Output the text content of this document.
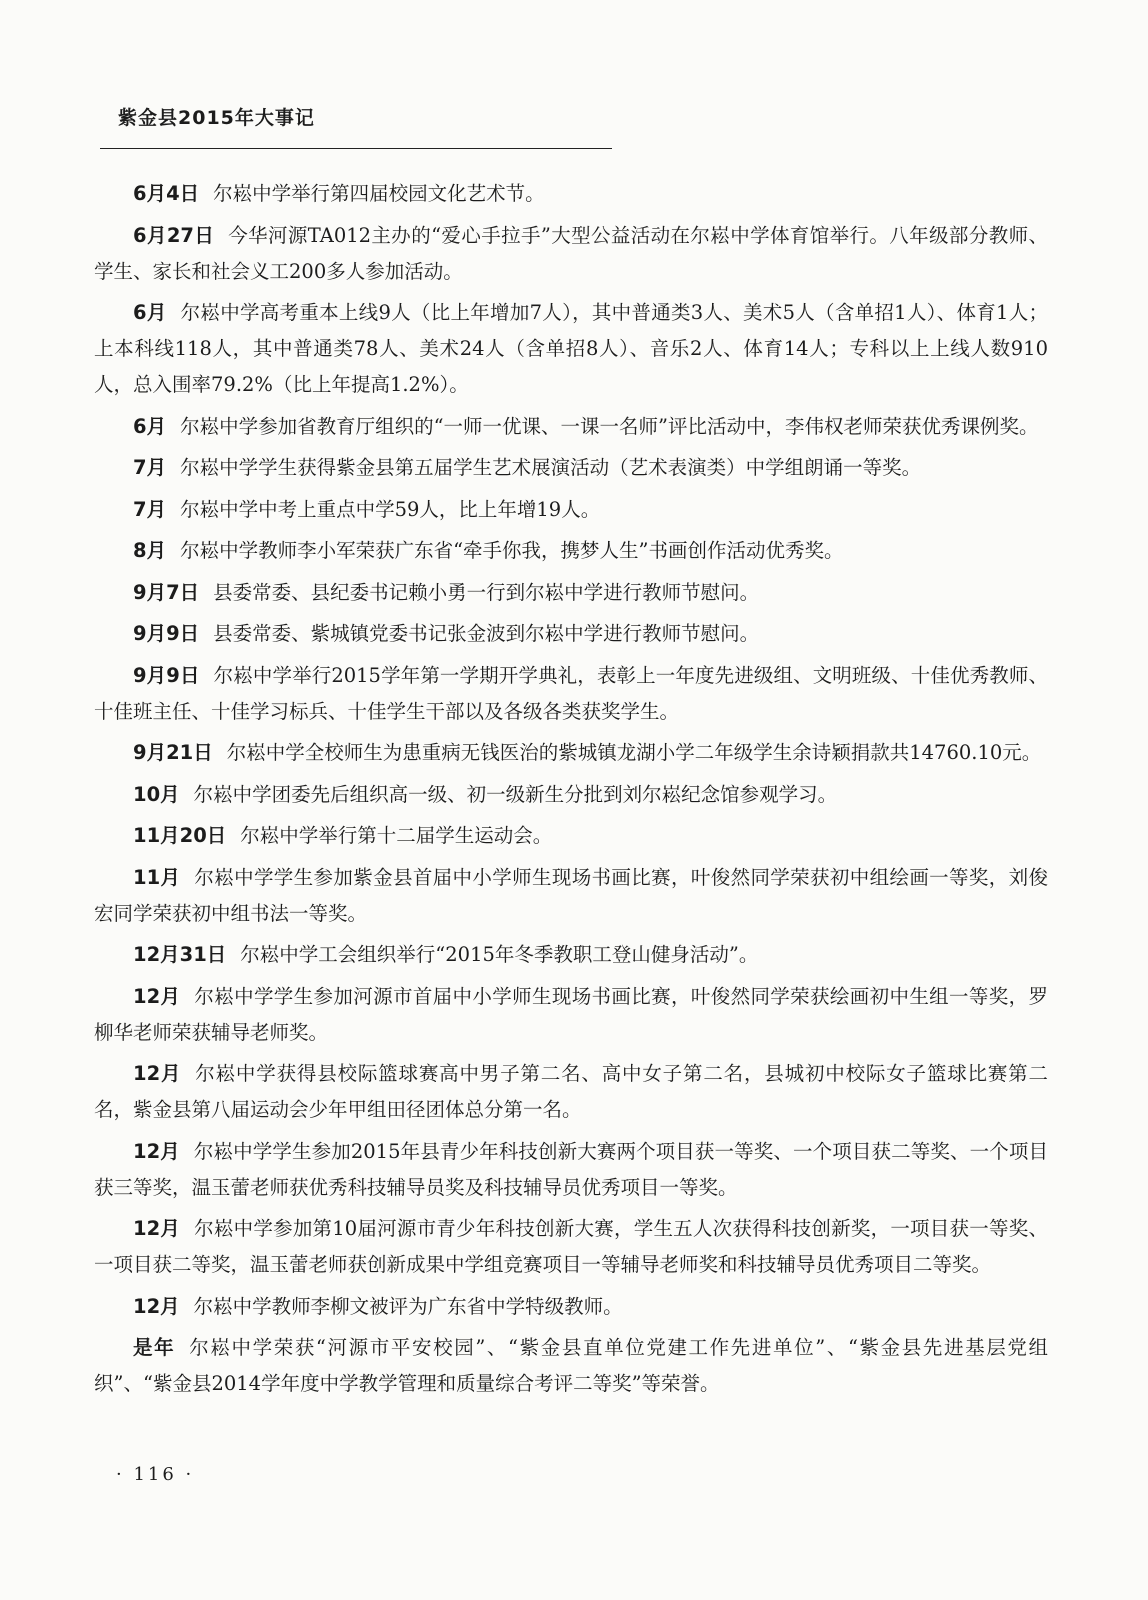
紫金县2015年大事记

6月4日 尔崧中学举行第四届校园文化艺术节。

6月27日 今华河源TA012主办的“爱心手拉手”大型公益活动在尔崧中学体育馆举行。八年级部分教师、学生、家长和社会义工200多人参加活动。

6月 尔崧中学高考重本上线9人（比上年增加7人），其中普通类3人、美术5人（含单招1人）、体育1人；上本科线118人，其中普通类78人、美术24人（含单招8人）、音乐2人、体育14人；专科以上上线人数910人，总入围率79.2%（比上年提高1.2%）。

6月 尔崧中学参加省教育厅组织的“一师一优课、一课一名师”评比活动中，李伟权老师荣获优秀课例奖。

7月 尔崧中学学生获得紫金县第五届学生艺术展演活动（艺术表演类）中学组朗诵一等奖。

7月 尔崧中学中考上重点中学59人，比上年增19人。

8月 尔崧中学教师李小军荣获广东省“牵手你我，携梦人生”书画创作活动优秀奖。

9月7日 县委常委、县纪委书记赖小勇一行到尔崧中学进行教师节慰问。

9月9日 县委常委、紫城镇党委书记张金波到尔崧中学进行教师节慰问。

9月9日 尔崧中学举行2015学年第一学期开学典礼，表彰上一年度先进级组、文明班级、十佳优秀教师、十佳班主任、十佳学习标兵、十佳学生干部以及各级各类获奖学生。

9月21日 尔崧中学全校师生为患重病无钱医治的紫城镇龙湖小学二年级学生余诗颖捐款共14760.10元。

10月 尔崧中学团委先后组织高一级、初一级新生分批到刘尔崧纪念馆参观学习。

11月20日 尔崧中学举行第十二届学生运动会。

11月 尔崧中学学生参加紫金县首届中小学师生现场书画比赛，叶俊然同学荣获初中组绘画一等奖，刘俊宏同学荣获初中组书法一等奖。

12月31日 尔崧中学工会组织举行“2015年冬季教职工登山健身活动”。

12月 尔崧中学学生参加河源市首届中小学师生现场书画比赛，叶俊然同学荣获绘画初中生组一等奖，罗柳华老师荣获辅导老师奖。

12月 尔崧中学获得县校际篮球赛高中男子第二名、高中女子第二名，县城初中校际女子篮球比赛第二名，紫金县第八届运动会少年甲组田径团体总分第一名。

12月 尔崧中学学生参加2015年县青少年科技创新大赛两个项目获一等奖、一个项目获二等奖、一个项目获三等奖，温玉蕾老师获优秀科技辅导员奖及科技辅导员优秀项目一等奖。

12月 尔崧中学参加第10届河源市青少年科技创新大赛，学生五人次获得科技创新奖，一项目获一等奖、一项目获二等奖，温玉蕾老师获创新成果中学组竞赛项目一等辅导老师奖和科技辅导员优秀项目二等奖。

12月 尔崧中学教师李柳文被评为广东省中学特级教师。

是年 尔崧中学荣获“河源市平安校园”、“紫金县直单位党建工作先进单位”、“紫金县先进基层党组织”、“紫金县2014学年度中学教学管理和质量综合考评二等奖”等荣誉。

· 116 ·
